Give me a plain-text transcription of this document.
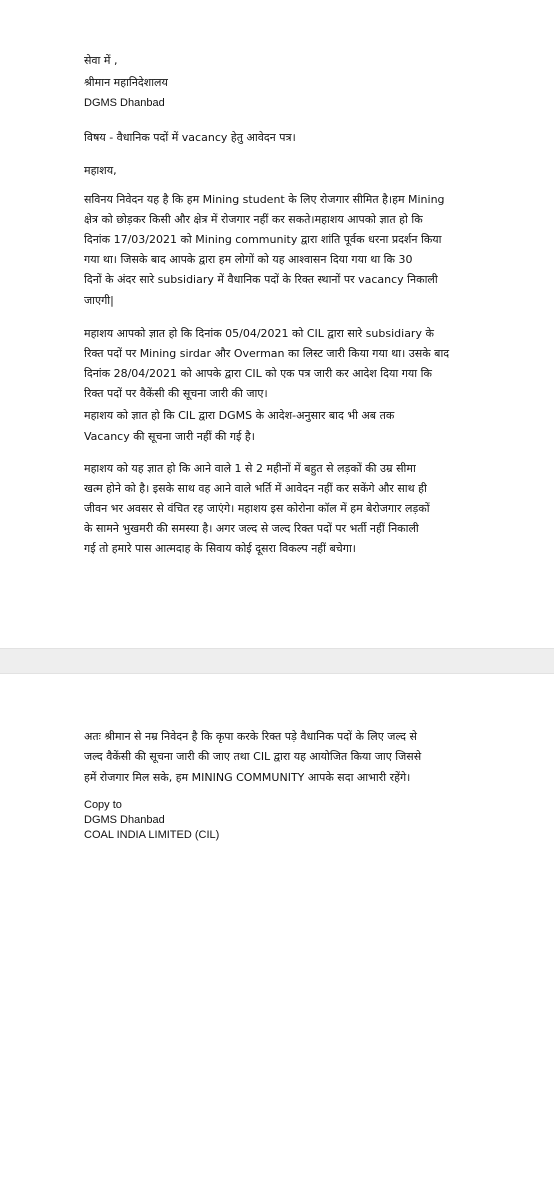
सेवा में ,
श्रीमान महानिदेशालय
DGMS Dhanbad
विषय - वैधानिक पदों में vacancy हेतु आवेदन पत्र।
महाशय,
सविनय निवेदन यह है कि हम Mining student के लिए रोजगार सीमित है।हम Mining
क्षेत्र को छोड़कर किसी और क्षेत्र में रोजगार नहीं कर सकते।महाशय आपको ज्ञात हो कि
दिनांक 17/03/2021 को Mining community द्वारा शांति पूर्वक धरना प्रदर्शन किया
गया था। जिसके बाद आपके द्वारा हम लोगों को यह आश्वासन दिया गया था कि 30
दिनों के अंदर सारे subsidiary में वैधानिक पदों के रिक्त स्थानों पर vacancy निकाली
जाएगी|
महाशय आपको ज्ञात हो कि दिनांक 05/04/2021 को CIL द्वारा सारे subsidiary के
रिक्त पदों पर Mining sirdar और Overman का लिस्ट जारी किया गया था। उसके बाद
दिनांक 28/04/2021 को आपके द्वारा CIL को एक पत्र जारी कर आदेश दिया गया कि
रिक्त पदों पर वैकेंसी की सूचना जारी की जाए।
महाशय को ज्ञात हो कि CIL द्वारा DGMS के आदेश-अनुसार बाद भी अब तक
Vacancy की सूचना जारी नहीं की गई है।
महाशय को यह ज्ञात हो कि आने वाले 1 से 2 महीनों में बहुत से लड़कों की उम्र सीमा
खत्म होने को है। इसके साथ वह आने वाले भर्ति में आवेदन नहीं कर सकेंगे और साथ ही
जीवन भर अवसर से वंचित रह जाएंगे। महाशय इस कोरोना कॉल में हम बेरोजगार लड़कों
के सामने भुखमरी की समस्या है। अगर जल्द से जल्द रिक्त पदों पर भर्ती नहीं निकाली
गई तो हमारे पास आत्मदाह के सिवाय कोई दूसरा विकल्प नहीं बचेगा।
अतः श्रीमान से नम्र निवेदन है कि कृपा करके रिक्त पड़े वैधानिक पदों के लिए जल्द से
जल्द वैकेंसी की सूचना जारी की जाए तथा CIL द्वारा यह आयोजित किया जाए जिससे
हमें रोजगार मिल सके, हम MINING COMMUNITY आपके सदा आभारी रहेंगे।
Copy to
DGMS Dhanbad
COAL INDIA LIMITED (CIL)
